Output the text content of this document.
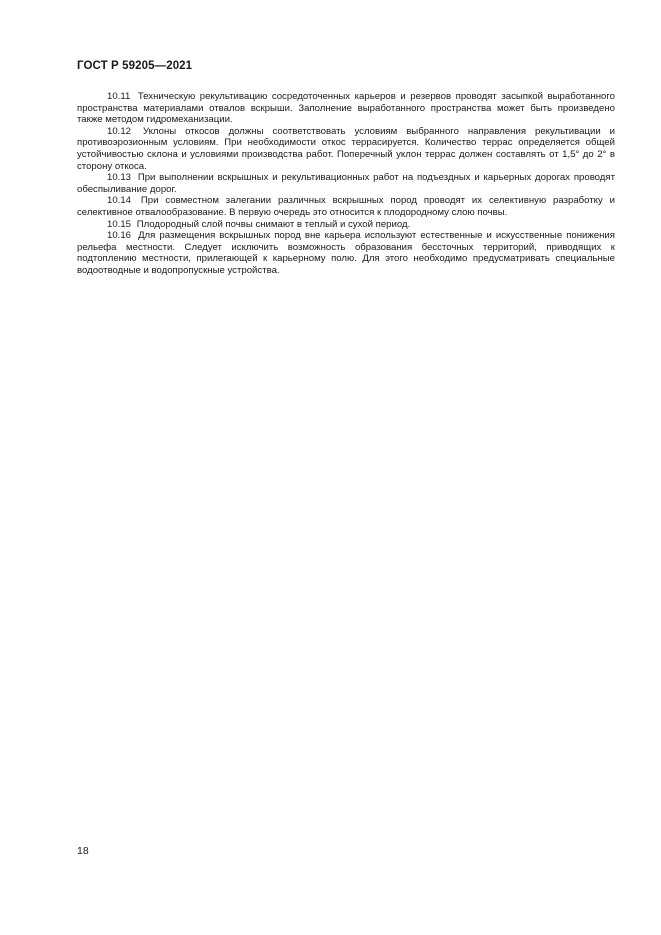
ГОСТ Р 59205—2021

10.11 Техническую рекультивацию сосредоточенных карьеров и резервов проводят засыпкой выработанного пространства материалами отвалов вскрыши. Заполнение выработанного пространства может быть произведено также методом гидромеханизации.

10.12 Уклоны откосов должны соответствовать условиям выбранного направления рекультивации и противоэрозионным условиям. При необходимости откос террасируется. Количество террас определяется общей устойчивостью склона и условиями производства работ. Поперечный уклон террас должен составлять от 1,5° до 2° в сторону откоса.

10.13 При выполнении вскрышных и рекультивационных работ на подъездных и карьерных дорогах проводят обеспыливание дорог.

10.14 При совместном залегании различных вскрышных пород проводят их селективную разработку и селективное отвалообразование. В первую очередь это относится к плодородному слою почвы.

10.15 Плодородный слой почвы снимают в теплый и сухой период.

10.16 Для размещения вскрышных пород вне карьера используют естественные и искусственные понижения рельефа местности. Следует исключить возможность образования бессточных территорий, приводящих к подтоплению местности, прилегающей к карьерному полю. Для этого необходимо предусматривать специальные водоотводные и водопропускные устройства.

18
